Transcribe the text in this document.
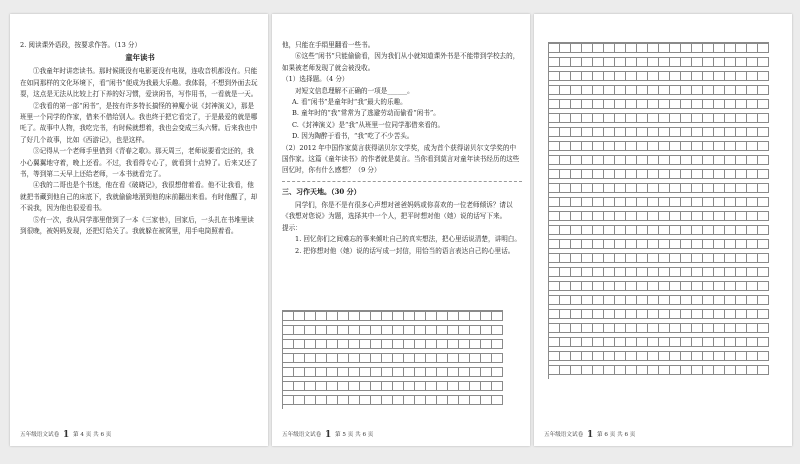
2. 阅读课外语段，按要求作答。（13 分）

童年读书

①我童年时讲恋读书。那时候既没有电影更没有电视，连收音机都没有。只能在如同那样的文化环境下，看“闲书”便成为我最大乐趣。我体弱，不想到外面去玩耍，这点是无法从比较上打下养的好习惯，爱读闲书，写作用书，一看就是一天。

②我看的第一部“闲书”，是按有许多特长搞怪的神魔小说《封神演义》，那是班里一个同学的作家，借来不借给别人。我也终于把它看完了，于是最爱的就是哪吒了。故事中人物，我吃完书，有时候就想着，我也会变成三头六臂。后来我也中了好几个故事，比如《西游记》，也是这样。

③记得从一个老师手里借到《青春之歌》。那天周三，老师说要看完还的，我小心翼翼地守着，晚上还看。不过，我看得专心了，就看到十点钟了。后来又还了书，等到第二天早上还给老师，一本书就看完了。

④我的二哥也是个书迷，他在看《破晓记》，我很想借着看。他不让我看，他就把书藏到他自己的床底下，我就偷偷地溜到他的床前翻出来看。有时他醒了，却不说我，因为他也很爱看书。

⑤有一次，我从同学那里借到了一本《三家巷》，回家后，一头扎在书堆里读到很晚，被妈妈发现，还把灯给关了。我就躲在被窝里，用手电筒照着看。

五年级语文试卷 1 第 4 页 共 6 页

他，只能在手绢里翻看一些书。

⑥这些“闲书”只能偷偷看，因为我们从小就知道课外书是不能带到学校去的，如果被老师发现了就会被没收。

（1）选择题。（4 分）

对短文信息理解不正确的一项是______。

A. 看“闲书”是童年时“我”最大的乐趣。

B. 童年时的“我”常常为了逃避劳动而偷看“闲书”。

C.《封神演义》是“我”从班里一位同学那借来看的。

D. 因为陶醉于看书，“我”吃了不少苦头。

（2）2012 年中国作家莫言获得诺贝尔文学奖，成为首个获得诺贝尔文学奖的中国作家。这篇《童年读书》的作者就是莫言。当你看到莫言对童年读书经历的这些回忆时，你有什么感想？（9 分）

三、习作天地。（30 分）

同学们，你是不是有很多心声想对爸爸妈妈或你喜欢的一位老师倾诉？请以《我想对您说》为题，选择其中一个人，把平时想对他（她）说的话写下来。

提示：

1. 回忆你们之间难忘的事来倾吐自己的真实想法，把心里话说清楚，讲明白。

2. 把你想对他（她）说的话写成一封信，用恰当的语言表达自己的心里话。

五年级语文试卷 1 第 5 页 共 6 页	五年级语文试卷 1 第 6 页 共 6 页
